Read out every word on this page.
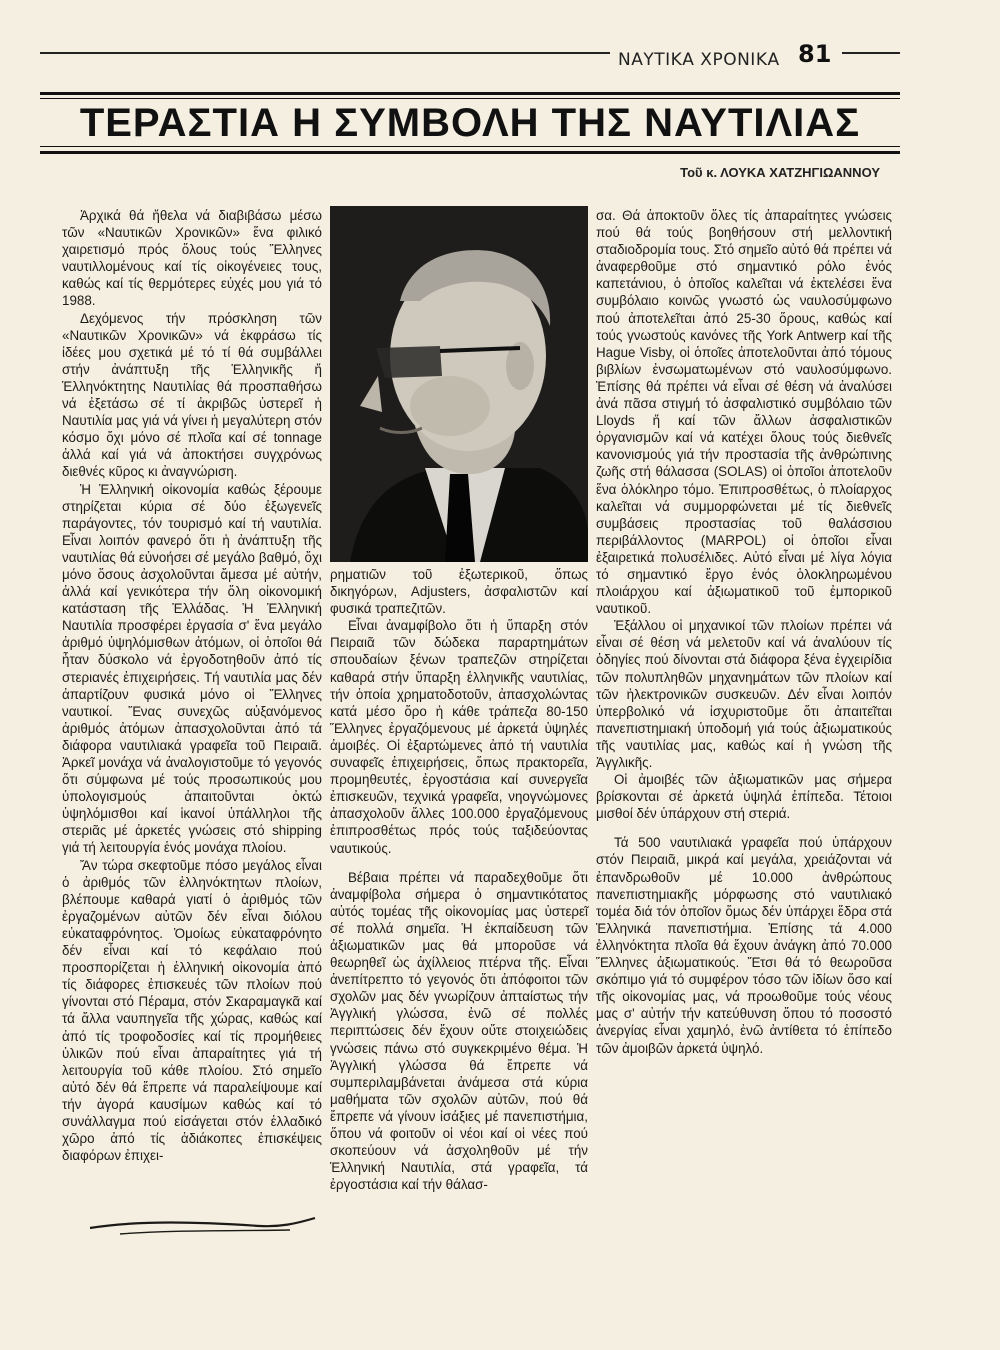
ΝΑΥΤΙΚΑ ΧΡΟΝΙΚΑ 81
ΤΕΡΑΣΤΙΑ Η ΣΥΜΒΟΛΗ ΤΗΣ ΝΑΥΤΙΛΙΑΣ
Τοῦ κ. ΛΟΥΚΑ ΧΑΤΖΗΓΙΩΑΝΝΟΥ

Ἀρχικά θά ἤθελα νά διαβιβάσω μέσω τῶν «Ναυτικῶν Χρονικῶν» ἕνα φιλικό χαιρετισμό πρός ὅλους τούς Ἕλληνες ναυτιλλομένους καί τίς οἰκογένειες τους, καθώς καί τίς θερμότερες εὐχές μου γιά τό 1988.

Δεχόμενος τήν πρόσκληση τῶν «Ναυτικῶν Χρονικῶν» νά ἐκφράσω τίς ἰδέες μου σχετικά μέ τό τί θά συμβάλλει στήν ἀνάπτυξη τῆς Ἑλληνικῆς ἤ Ἑλληνόκτητης Ναυτιλίας θά προσπαθήσω νά ἐξετάσω σέ τί ἀκριβῶς ὑστερεῖ ἡ Ναυτιλία μας γιά νά γίνει ἡ μεγαλύτερη στόν κόσμο ὄχι μόνο σέ πλοῖα καί σέ tonnage ἀλλά καί γιά νά ἀποκτήσει συγχρόνως διεθνές κῦρος κι ἀναγνώριση.

Ἡ Ἑλληνική οἰκονομία καθώς ξέρουμε στηρίζεται κύρια σέ δύο ἐξωγενεῖς παράγοντες, τόν τουρισμό καί τή ναυτιλία. Εἶναι λοιπόν φανερό ὅτι ἡ ἀνάπτυξη τῆς ναυτιλίας θά εὐνοήσει σέ μεγάλο βαθμό, ὄχι μόνο ὅσους ἀσχολοῦνται ἄμεσα μέ αὐτήν, ἀλλά καί γενικότερα τήν ὅλη οἰκονομική κατάσταση τῆς Ἑλλάδας. Ἡ Ἑλληνική Ναυτιλία προσφέρει ἐργασία σ' ἕνα μεγάλο ἀριθμό ὑψηλόμισθων ἀτόμων, οἱ ὁποῖοι θά ἦταν δύσκολο νά ἐργοδοτηθοῦν ἀπό τίς στεριανές ἐπιχειρήσεις. Τή ναυτιλία μας δέν ἀπαρτίζουν φυσικά μόνο οἱ Ἕλληνες ναυτικοί. Ἕνας συνεχῶς αὐξανόμενος ἀριθμός ἀτόμων ἀπασχολοῦνται ἀπό τά διάφορα ναυτιλιακά γραφεῖα τοῦ Πειραιᾶ. Ἀρκεῖ μονάχα νά ἀναλογιστοῦμε τό γεγονός ὅτι σύμφωνα μέ τούς προσωπικούς μου ὑπολογισμούς ἀπαιτοῦνται ὀκτώ ὑψηλόμισθοι καί ἱκανοί ὑπάλληλοι τῆς στεριᾶς μέ ἀρκετές γνώσεις στό shipping γιά τή λειτουργία ἑνός μονάχα πλοίου.

Ἄν τώρα σκεφτοῦμε πόσο μεγάλος εἶναι ὁ ἀριθμός τῶν ἑλληνόκτητων πλοίων, βλέπουμε καθαρά γιατί ὁ ἀριθμός τῶν ἐργαζομένων αὐτῶν δέν εἶναι διόλου εὐκαταφρόνητος. Ὁμοίως εὐκαταφρόνητο δέν εἶναι καί τό κεφάλαιο πού προσπορίζεται ἡ ἑλληνική οἰκονομία ἀπό τίς διάφορες ἐπισκευές τῶν πλοίων πού γίνονται στό Πέραμα, στόν Σκαραμαγκᾶ καί τά ἄλλα ναυπηγεῖα τῆς χώρας, καθώς καί ἀπό τίς τροφοδοσίες καί τίς προμήθειες ὑλικῶν πού εἶναι ἀπαραίτητες γιά τή λειτουργία τοῦ κάθε πλοίου. Στό σημεῖο αὐτό δέν θά ἔπρεπε νά παραλείψουμε καί τήν ἀγορά καυσίμων καθώς καί τό συνάλλαγμα πού εἰσάγεται στόν ἑλλαδικό χῶρο ἀπό τίς ἀδιάκοπες ἐπισκέψεις διαφόρων ἐπιχει-

ρηματιῶν τοῦ ἐξωτερικοῦ, ὅπως δικηγόρων, Adjusters, ἀσφαλιστῶν καί φυσικά τραπεζιτῶν.

Εἶναι ἀναμφίβολο ὅτι ἡ ὕπαρξη στόν Πειραιᾶ τῶν δώδεκα παραρτημάτων σπουδαίων ξένων τραπεζῶν στηρίζεται καθαρά στήν ὕπαρξη ἑλληνικῆς ναυτιλίας, τήν ὁποία χρηματοδοτοῦν, ἀπασχολώντας κατά μέσο ὅρο ἡ κάθε τράπεζα 80-150 Ἕλληνες ἐργαζόμενους μέ ἀρκετά ὑψηλές ἀμοιβές. Οἱ ἐξαρτώμενες ἀπό τή ναυτιλία συναφεῖς ἐπιχειρήσεις, ὅπως πρακτορεῖα, προμηθευτές, ἐργοστάσια καί συνεργεῖα ἐπισκευῶν, τεχνικά γραφεῖα, νηογνώμονες ἀπασχολοῦν ἄλλες 100.000 ἐργαζόμενους ἐπιπροσθέτως πρός τούς ταξιδεύοντας ναυτικούς.

Βέβαια πρέπει νά παραδεχθοῦμε ὅτι ἀναμφίβολα σήμερα ὁ σημαντικότατος αὐτός τομέας τῆς οἰκονομίας μας ὑστερεῖ σέ πολλά σημεῖα. Ἡ ἐκπαίδευση τῶν ἀξιωματικῶν μας θά μποροῦσε νά θεωρηθεῖ ὡς ἀχίλλειος πτέρνα τῆς. Εἶναι ἀνεπίτρεπτο τό γεγονός ὅτι ἀπόφοιτοι τῶν σχολῶν μας δέν γνωρίζουν ἀπταίστως τήν Ἀγγλική γλώσσα, ἐνῶ σέ πολλές περιπτώσεις δέν ἔχουν οὔτε στοιχειώδεις γνώσεις πάνω στό συγκεκριμένο θέμα. Ἡ Ἀγγλική γλώσσα θά ἔπρεπε νά συμπεριλαμβάνεται ἀνάμεσα στά κύρια μαθήματα τῶν σχολῶν αὐτῶν, πού θά ἔπρεπε νά γίνουν ἰσάξιες μέ πανεπιστήμια, ὅπου νά φοιτοῦν οἱ νέοι καί οἱ νέες πού σκοπεύουν νά ἀσχοληθοῦν μέ τήν Ἑλληνική Ναυτιλία, στά γραφεῖα, τά ἐργοστάσια καί τήν θάλασ-

σα. Θά ἀποκτοῦν ὅλες τίς ἀπαραίτητες γνώσεις πού θά τούς βοηθήσουν στή μελλοντική σταδιοδρομία τους. Στό σημεῖο αὐτό θά πρέπει νά ἀναφερθοῦμε στό σημαντικό ρόλο ἑνός καπετάνιου, ὁ ὁποῖος καλεῖται νά ἐκτελέσει ἕνα συμβόλαιο κοινῶς γνωστό ὡς ναυλοσύμφωνο πού ἀποτελεῖται ἀπό 25-30 ὅρους, καθώς καί τούς γνωστούς κανόνες τῆς York Antwerp καί τῆς Hague Visby, οἱ ὁποῖες ἀποτελοῦνται ἀπό τόμους βιβλίων ἐνσωματωμένων στό ναυλοσύμφωνο. Ἐπίσης θά πρέπει νά εἶναι σέ θέση νά ἀναλύσει ἀνά πᾶσα στιγμή τό ἀσφαλιστικό συμβόλαιο τῶν Lloyds ἤ καί τῶν ἄλλων ἀσφαλιστικῶν ὀργανισμῶν καί νά κατέχει ὅλους τούς διεθνεῖς κανονισμούς γιά τήν προστασία τῆς ἀνθρώπινης ζωῆς στή θάλασσα (SOLAS) οἱ ὁποῖοι ἀποτελοῦν ἕνα ὁλόκληρο τόμο. Ἐπιπροσθέτως, ὁ πλοίαρχος καλεῖται νά συμμορφώνεται μέ τίς διεθνεῖς συμβάσεις προστασίας τοῦ θαλάσσιου περιβάλλοντος (MARPOL) οἱ ὁποῖοι εἶναι ἐξαιρετικά πολυσέλιδες. Αὐτό εἶναι μέ λίγα λόγια τό σημαντικό ἔργο ἑνός ὁλοκληρωμένου πλοιάρχου καί ἀξιωματικοῦ τοῦ ἐμπορικοῦ ναυτικοῦ.

Ἐξάλλου οἱ μηχανικοί τῶν πλοίων πρέπει νά εἶναι σέ θέση νά μελετοῦν καί νά ἀναλύουν τίς ὁδηγίες πού δίνονται στά διάφορα ξένα ἐγχειρίδια τῶν πολυπληθῶν μηχανημάτων τῶν πλοίων καί τῶν ἠλεκτρονικῶν συσκευῶν. Δέν εἶναι λοιπόν ὑπερβολικό νά ἰσχυριστοῦμε ὅτι ἀπαιτεῖται πανεπιστημιακή ὑποδομή γιά τούς ἀξιωματικούς τῆς ναυτιλίας μας, καθώς καί ἡ γνώση τῆς Ἀγγλικῆς.

Οἱ ἀμοιβές τῶν ἀξιωματικῶν μας σήμερα βρίσκονται σέ ἀρκετά ὑψηλά ἐπίπεδα. Τέτοιοι μισθοί δέν ὑπάρχουν στή στεριά.

Τά 500 ναυτιλιακά γραφεῖα πού ὑπάρχουν στόν Πειραιᾶ, μικρά καί μεγάλα, χρειάζονται νά ἐπανδρωθοῦν μέ 10.000 ἀνθρώπους πανεπιστημιακῆς μόρφωσης στό ναυτιλιακό τομέα διά τόν ὁποῖον ὅμως δέν ὑπάρχει ἕδρα στά Ἑλληνικά πανεπιστήμια. Ἐπίσης τά 4.000 ἑλληνόκτητα πλοῖα θά ἔχουν ἀνάγκη ἀπό 70.000 Ἕλληνες ἀξιωματικούς. Ἔτσι θά τό θεωροῦσα σκόπιμο γιά τό συμφέρον τόσο τῶν ἰδίων ὅσο καί τῆς οἰκονομίας μας, νά προωθοῦμε τούς νέους μας σ' αὐτήν τήν κατεύθυνση ὅπου τό ποσοστό ἀνεργίας εἶναι χαμηλό, ἐνῶ ἀντίθετα τό ἐπίπεδο τῶν ἀμοιβῶν ἀρκετά ὑψηλό.
